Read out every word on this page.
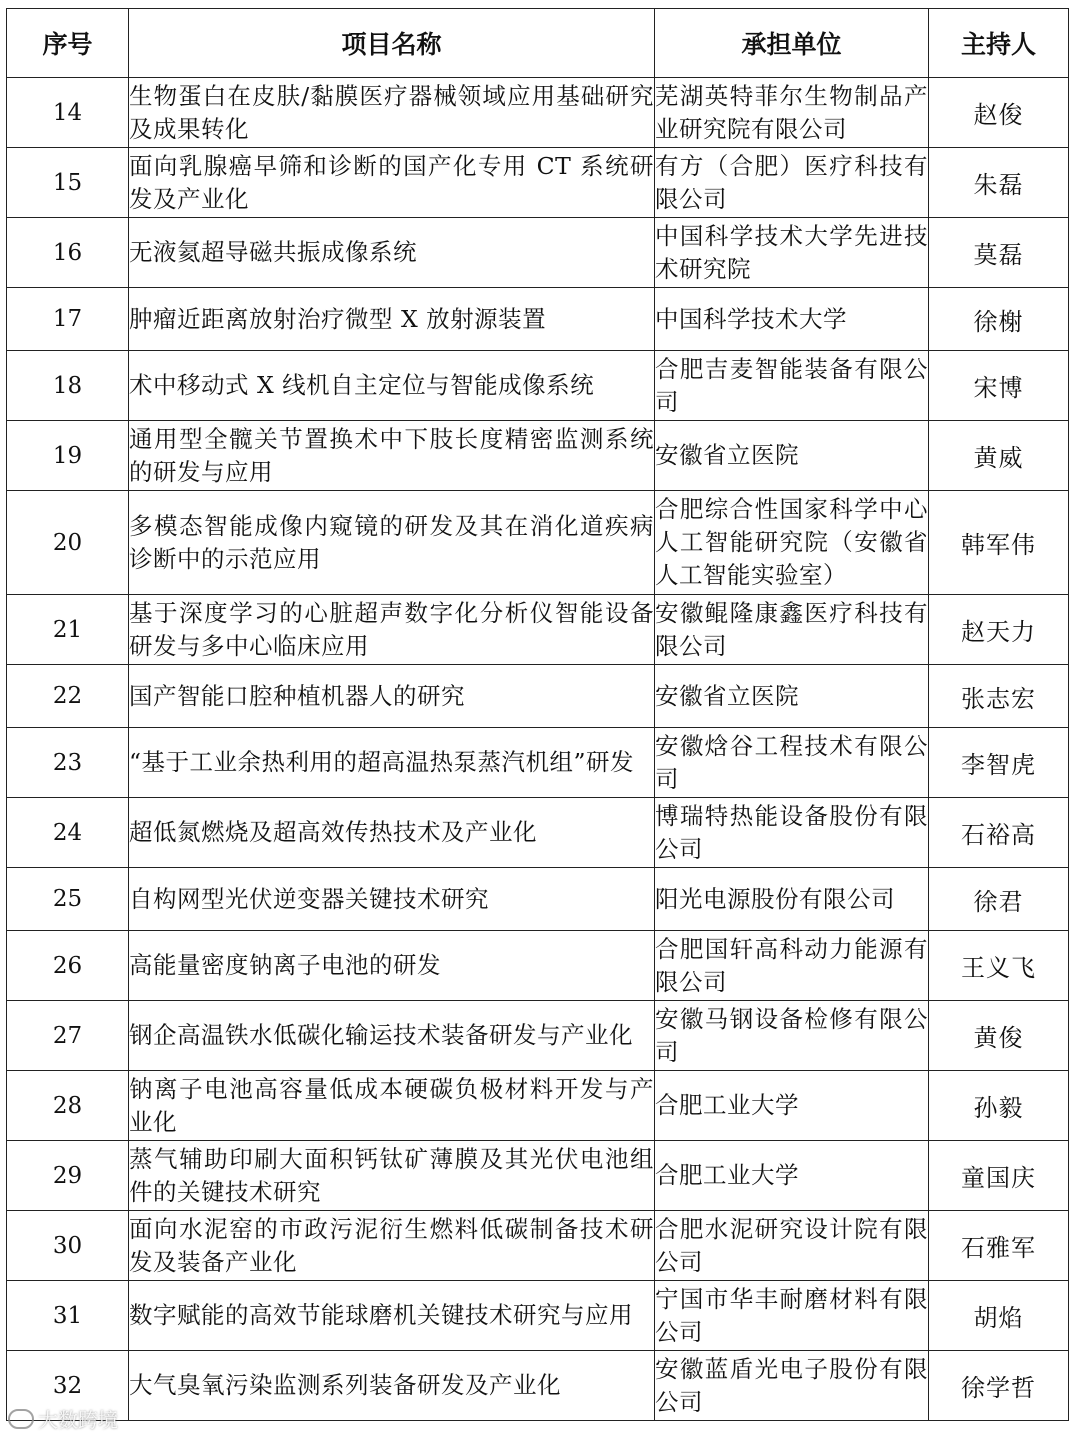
序号	项目名称	承担单位	主持人
14	生物蛋白在皮肤/黏膜医疗器械领域应用基础研究及成果转化	芜湖英特菲尔生物制品产业研究院有限公司	赵俊
15	面向乳腺癌早筛和诊断的国产化专用 CT 系统研发及产业化	有方（合肥）医疗科技有限公司	朱磊
16	无液氦超导磁共振成像系统	中国科学技术大学先进技术研究院	莫磊
17	肿瘤近距离放射治疗微型 X 放射源装置	中国科学技术大学	徐榭
18	术中移动式 X 线机自主定位与智能成像系统	合肥吉麦智能装备有限公司	宋博
19	通用型全髋关节置换术中下肢长度精密监测系统的研发与应用	安徽省立医院	黄威
20	多模态智能成像内窥镜的研发及其在消化道疾病诊断中的示范应用	合肥综合性国家科学中心人工智能研究院（安徽省人工智能实验室）	韩军伟
21	基于深度学习的心脏超声数字化分析仪智能设备研发与多中心临床应用	安徽鲲隆康鑫医疗科技有限公司	赵天力
22	国产智能口腔种植机器人的研究	安徽省立医院	张志宏
23	“基于工业余热利用的超高温热泵蒸汽机组”研发	安徽焓谷工程技术有限公司	李智虎
24	超低氮燃烧及超高效传热技术及产业化	博瑞特热能设备股份有限公司	石裕高
25	自构网型光伏逆变器关键技术研究	阳光电源股份有限公司	徐君
26	高能量密度钠离子电池的研发	合肥国轩高科动力能源有限公司	王义飞
27	钢企高温铁水低碳化输运技术装备研发与产业化	安徽马钢设备检修有限公司	黄俊
28	钠离子电池高容量低成本硬碳负极材料开发与产业化	合肥工业大学	孙毅
29	蒸气辅助印刷大面积钙钛矿薄膜及其光伏电池组件的关键技术研究	合肥工业大学	童国庆
30	面向水泥窑的市政污泥衍生燃料低碳制备技术研发及装备产业化	合肥水泥研究设计院有限公司	石雅军
31	数字赋能的高效节能球磨机关键技术研究与应用	宁国市华丰耐磨材料有限公司	胡焰
32	大气臭氧污染监测系列装备研发及产业化	安徽蓝盾光电子股份有限公司	徐学哲
大数跨境
